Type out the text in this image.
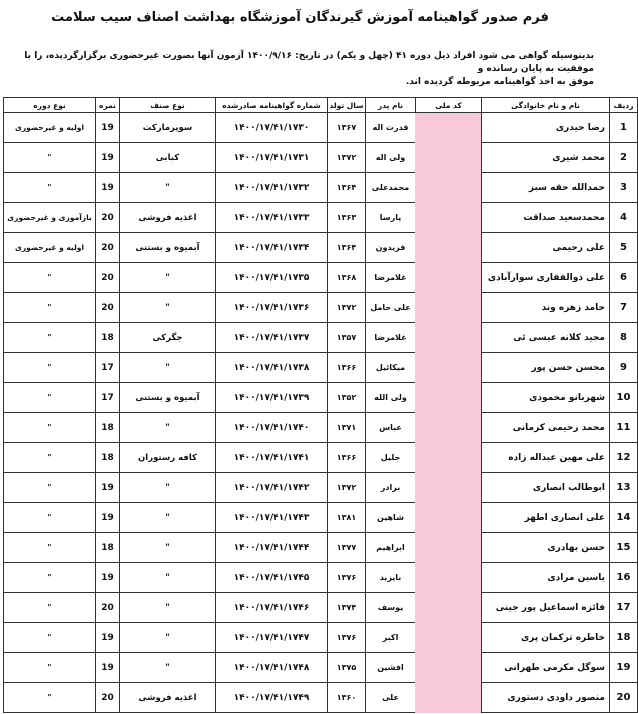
فرم صدور گواهینامه آموزش گیرندگان آموزشگاه بهداشت اصناف سیب سلامت
بدینوسیله گواهی می شود افراد ذیل دوره ۴۱ (چهل و یکم) در تاریخ: ۱۴۰۰/۹/۱۶ آزمون آنها بصورت غیرحضوری برگزارگردیده، را با موفقیت به پایان رسانده و
موفق به اخذ گواهینامه مربوطه گردیده اند.
ردیف	نام و نام خانوادگی	کد ملی	نام پدر	سال تولد	شماره گواهینامه صادرشده	نوع صنف	نمره	نوع دوره
1	رضا حیدری		قدرت اله	۱۳۶۷	۱۴۰۰/۱۷/۴۱/۱۷۳۰	سوپرمارکت	19	اولیه و غیرحضوری
2	محمد شیری		ولی اله	۱۳۷۲	۱۴۰۰/۱۷/۴۱/۱۷۳۱	کبابی	19	"
3	حمدالله حقه سبز		محمدعلی	۱۳۶۴	۱۴۰۰/۱۷/۴۱/۱۷۳۲	"	19	"
4	محمدسعید صداقت		پارسا	۱۳۶۳	۱۴۰۰/۱۷/۴۱/۱۷۳۳	اغذیه فروشی	20	بازآموزی و غیرحضوری
5	علی رحیمی		فریدون	۱۳۶۴	۱۴۰۰/۱۷/۴۱/۱۷۳۴	آبمیوه و بستنی	20	اولیه و غیرحضوری
6	علی ذوالفقاری سوارآبادی		غلامرضا	۱۳۶۸	۱۴۰۰/۱۷/۴۱/۱۷۳۵	"	20	"
7	حامد زهره وند		علی حامل	۱۳۷۲	۱۴۰۰/۱۷/۴۱/۱۷۳۶	"	20	"
8	مجید کلانه عیسی ئی		غلامرضا	۱۳۵۷	۱۴۰۰/۱۷/۴۱/۱۷۳۷	جگرکی	18	"
9	محسن حسن پور		میکائیل	۱۳۶۶	۱۴۰۰/۱۷/۴۱/۱۷۳۸	"	17	"
10	شهربانو محمودی		ولی الله	۱۳۵۲	۱۴۰۰/۱۷/۴۱/۱۷۳۹	آبمیوه و بستنی	17	"
11	محمد رحیمی کرمانی		عباس	۱۳۷۱	۱۴۰۰/۱۷/۴۱/۱۷۴۰	"	18	"
12	علی مهین عبداله زاده		جلیل	۱۳۶۶	۱۴۰۰/۱۷/۴۱/۱۷۴۱	کافه رستوران	18	"
13	ابوطالب انصاری		برادر	۱۳۷۲	۱۴۰۰/۱۷/۴۱/۱۷۴۲	"	19	"
14	علی انصاری اطهر		شاهین	۱۳۸۱	۱۴۰۰/۱۷/۴۱/۱۷۴۳	"	19	"
15	حسن بهادری		ابراهیم	۱۳۷۷	۱۴۰۰/۱۷/۴۱/۱۷۴۴	"	18	"
16	یاسین مرادی		بایزید	۱۳۷۶	۱۴۰۰/۱۷/۴۱/۱۷۴۵	"	19	"
17	فائزه اسماعیل پور جینی		یوسف	۱۳۷۴	۱۴۰۰/۱۷/۴۱/۱۷۴۶	"	20	"
18	خاطره ترکمان پری		اکبر	۱۳۷۶	۱۴۰۰/۱۷/۴۱/۱۷۴۷	"	19	"
19	سوگل مکرمی طهرانی		افشین	۱۳۷۵	۱۴۰۰/۱۷/۴۱/۱۷۴۸	"	19	"
20	منصور داودی دستوری		علی	۱۳۶۰	۱۴۰۰/۱۷/۴۱/۱۷۴۹	اغذیه فروشی	20	"
